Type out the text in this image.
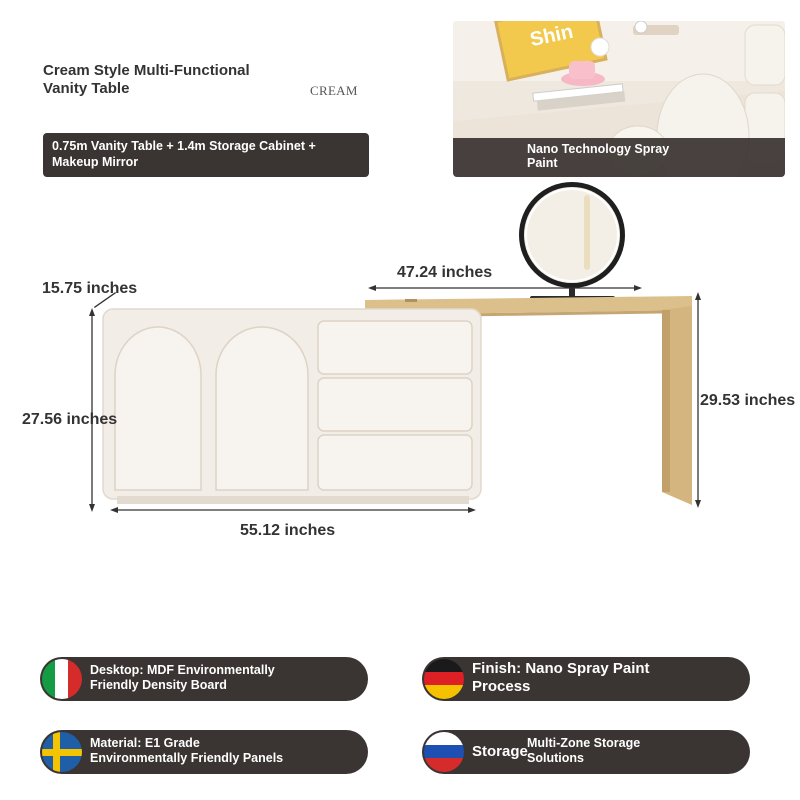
Cream Style Multi-Functional
Vanity Table	CREAM
0.75m Vanity Table + 1.4m Storage Cabinet +
Makeup Mirror
Shin
Nano Technology Spray
Paint
47.24 inches
15.75 inches
27.56 inches
29.53 inches
55.12 inches
Desktop: MDF Environmentally
Friendly Density Board
Finish: Nano Spray Paint
Process
Material: E1 Grade
Environmentally Friendly Panels	Storage Multi-Zone Storage
Solutions
